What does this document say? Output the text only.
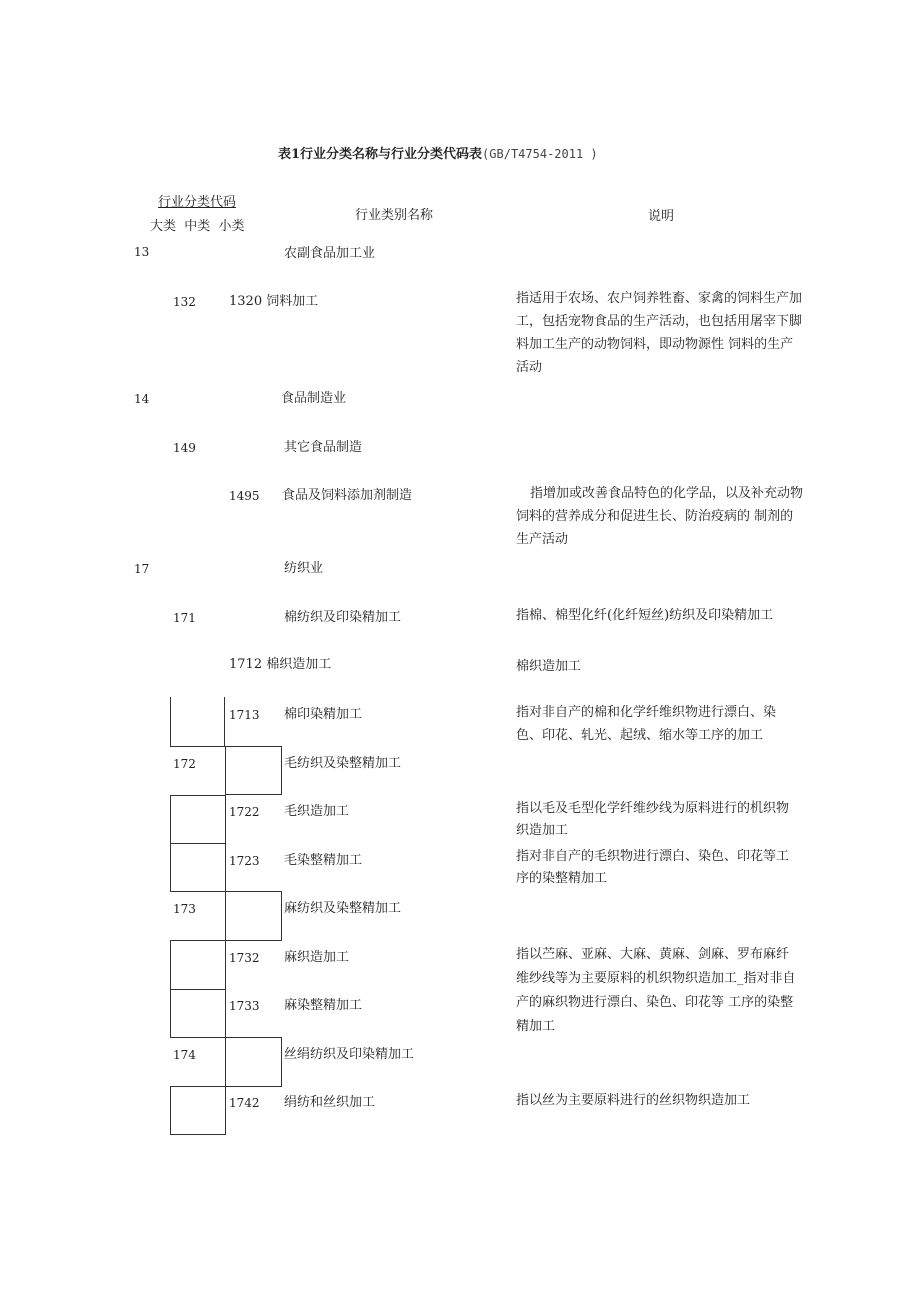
表1行业分类名称与行业分类代码表(GB/T4754-2011 )
行业分类代码
大类  中类  小类
行业类别名称	说明
13	农副食品加工业
132	1320 饲料加工	指适用于农场、农户饲养牲畜、家禽的饲料生产加工，包括宠物食品的生产活动，也包括用屠宰下脚料加工生产的动物饲料，即动物源性 饲料的生产活动
14	食品制造业
149	其它食品制造
1495 食品及饲料添加剂制造	指增加或改善食品特色的化学品，以及补充动物饲料的营养成分和促进生长、防治疫病的 制剂的生产活动
17	纺织业
171	棉纺织及印染精加工	指棉、棉型化纤(化纤短丝)纺织及印染精加工
1712 棉织造加工	棉织造加工
1713 棉印染精加工	指对非自产的棉和化学纤维织物进行漂白、染色、印花、轧光、起绒、缩水等工序的加工
172	毛纺织及染整精加工
1722 毛织造加工	指以毛及毛型化学纤维纱线为原料进行的机织物织造加工
1723 毛染整精加工	指对非自产的毛织物进行漂白、染色、印花等工序的染整精加工
173	麻纺织及染整精加工
1732 麻织造加工	指以苎麻、亚麻、大麻、黄麻、剑麻、罗布麻纤维纱线等为主要原料的机织物织造加工_指对非自产的麻织物进行漂白、染色、印花等 工序的染整精加工
1733 麻染整精加工
174	丝绢纺织及印染精加工
1742 绢纺和丝织加工	指以丝为主要原料进行的丝织物织造加工
